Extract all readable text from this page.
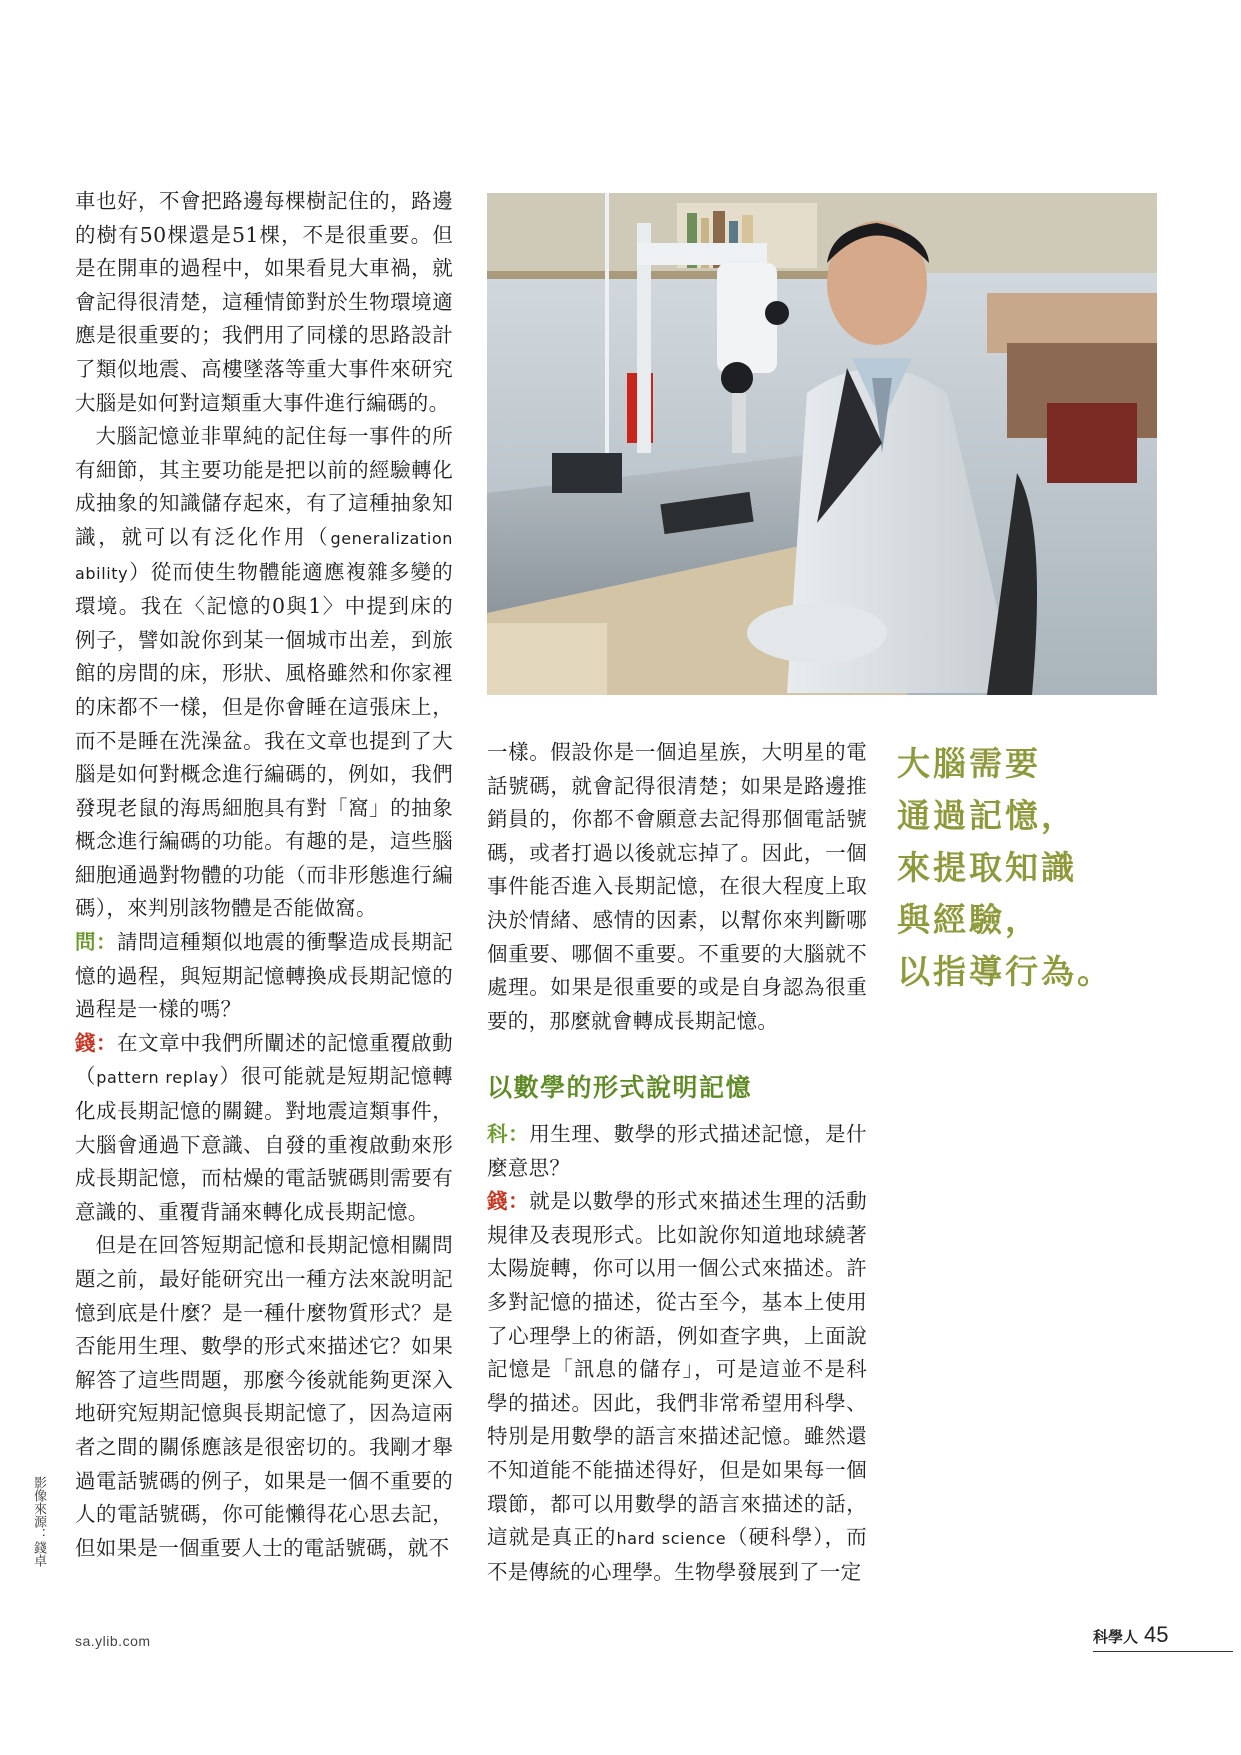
車也好，不會把路邊每棵樹記住的，路邊的樹有50棵還是51棵，不是很重要。但是在開車的過程中，如果看見大車禍，就會記得很清楚，這種情節對於生物環境適應是很重要的；我們用了同樣的思路設計了類似地震、高樓墜落等重大事件來研究大腦是如何對這類重大事件進行編碼的。

大腦記憶並非單純的記住每一事件的所有細節，其主要功能是把以前的經驗轉化成抽象的知識儲存起來，有了這種抽象知識，就可以有泛化作用（generalization ability）從而使生物體能適應複雜多變的環境。我在〈記憶的0與1〉中提到床的例子，譬如說你到某一個城市出差，到旅館的房間的床，形狀、風格雖然和你家裡的床都不一樣，但是你會睡在這張床上，而不是睡在洗澡盆。我在文章也提到了大腦是如何對概念進行編碼的，例如，我們發現老鼠的海馬細胞具有對「窩」的抽象概念進行編碼的功能。有趣的是，這些腦細胞通過對物體的功能（而非形態進行編碼），來判別該物體是否能做窩。

問：請問這種類似地震的衝擊造成長期記憶的過程，與短期記憶轉換成長期記憶的過程是一樣的嗎？

錢：在文章中我們所闡述的記憶重覆啟動（pattern replay）很可能就是短期記憶轉化成長期記憶的關鍵。對地震這類事件，大腦會通過下意識、自發的重複啟動來形成長期記憶，而枯燥的電話號碼則需要有意識的、重覆背誦來轉化成長期記憶。

但是在回答短期記憶和長期記憶相關問題之前，最好能研究出一種方法來說明記憶到底是什麼？是一種什麼物質形式？是否能用生理、數學的形式來描述它？如果解答了這些問題，那麼今後就能夠更深入地研究短期記憶與長期記憶了，因為這兩者之間的關係應該是很密切的。我剛才舉過電話號碼的例子，如果是一個不重要的人的電話號碼，你可能懶得花心思去記，但如果是一個重要人士的電話號碼，就不

一樣。假設你是一個追星族，大明星的電話號碼，就會記得很清楚；如果是路邊推銷員的，你都不會願意去記得那個電話號碼，或者打過以後就忘掉了。因此，一個事件能否進入長期記憶，在很大程度上取決於情緒、感情的因素，以幫你來判斷哪個重要、哪個不重要。不重要的大腦就不處理。如果是很重要的或是自身認為很重要的，那麼就會轉成長期記憶。

以數學的形式說明記憶

科：用生理、數學的形式描述記憶，是什麼意思？

錢：就是以數學的形式來描述生理的活動規律及表現形式。比如說你知道地球繞著太陽旋轉，你可以用一個公式來描述。許多對記憶的描述，從古至今，基本上使用了心理學上的術語，例如查字典，上面說記憶是「訊息的儲存」，可是這並不是科學的描述。因此，我們非常希望用科學、特別是用數學的語言來描述記憶。雖然還不知道能不能描述得好，但是如果每一個環節，都可以用數學的語言來描述的話，這就是真正的hard science（硬科學），而不是傳統的心理學。生物學發展到了一定

大腦需要
通過記憶，
來提取知識
與經驗，
以指導行為。
影像來源：錢卓
sa.ylib.com	科學人 45
